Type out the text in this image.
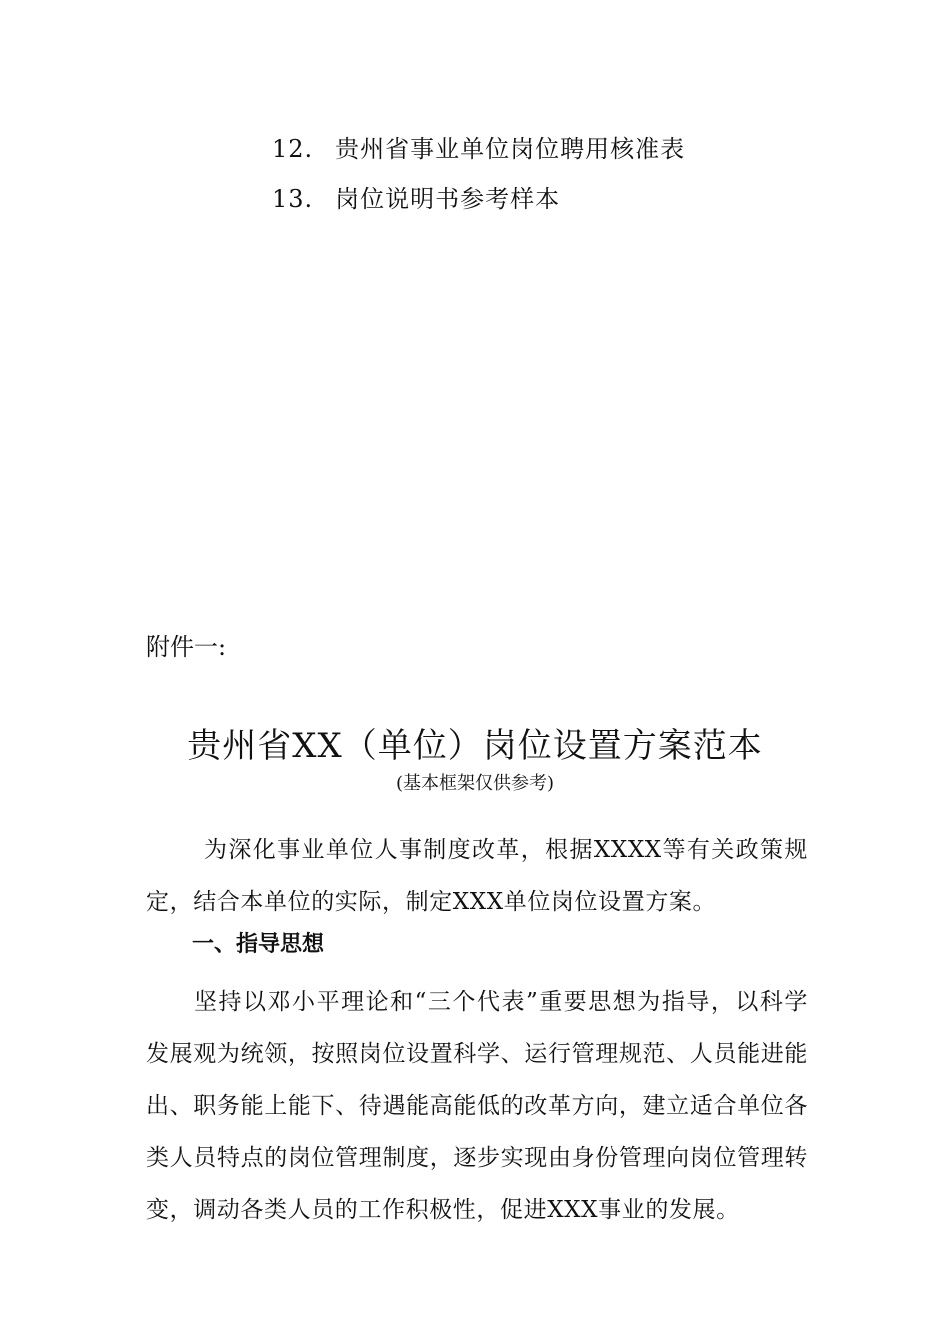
12. 贵州省事业单位岗位聘用核准表
13. 岗位说明书参考样本
附件一:
贵州省XX（单位）岗位设置方案范本
(基本框架仅供参考)
为深化事业单位人事制度改革，根据XXXX等有关政策规定，结合本单位的实际，制定XXX单位岗位设置方案。
一、指导思想
坚持以邓小平理论和“三个代表”重要思想为指导，以科学发展观为统领，按照岗位设置科学、运行管理规范、人员能进能出、职务能上能下、待遇能高能低的改革方向，建立适合单位各类人员特点的岗位管理制度，逐步实现由身份管理向岗位管理转变，调动各类人员的工作积极性，促进XXX事业的发展。
